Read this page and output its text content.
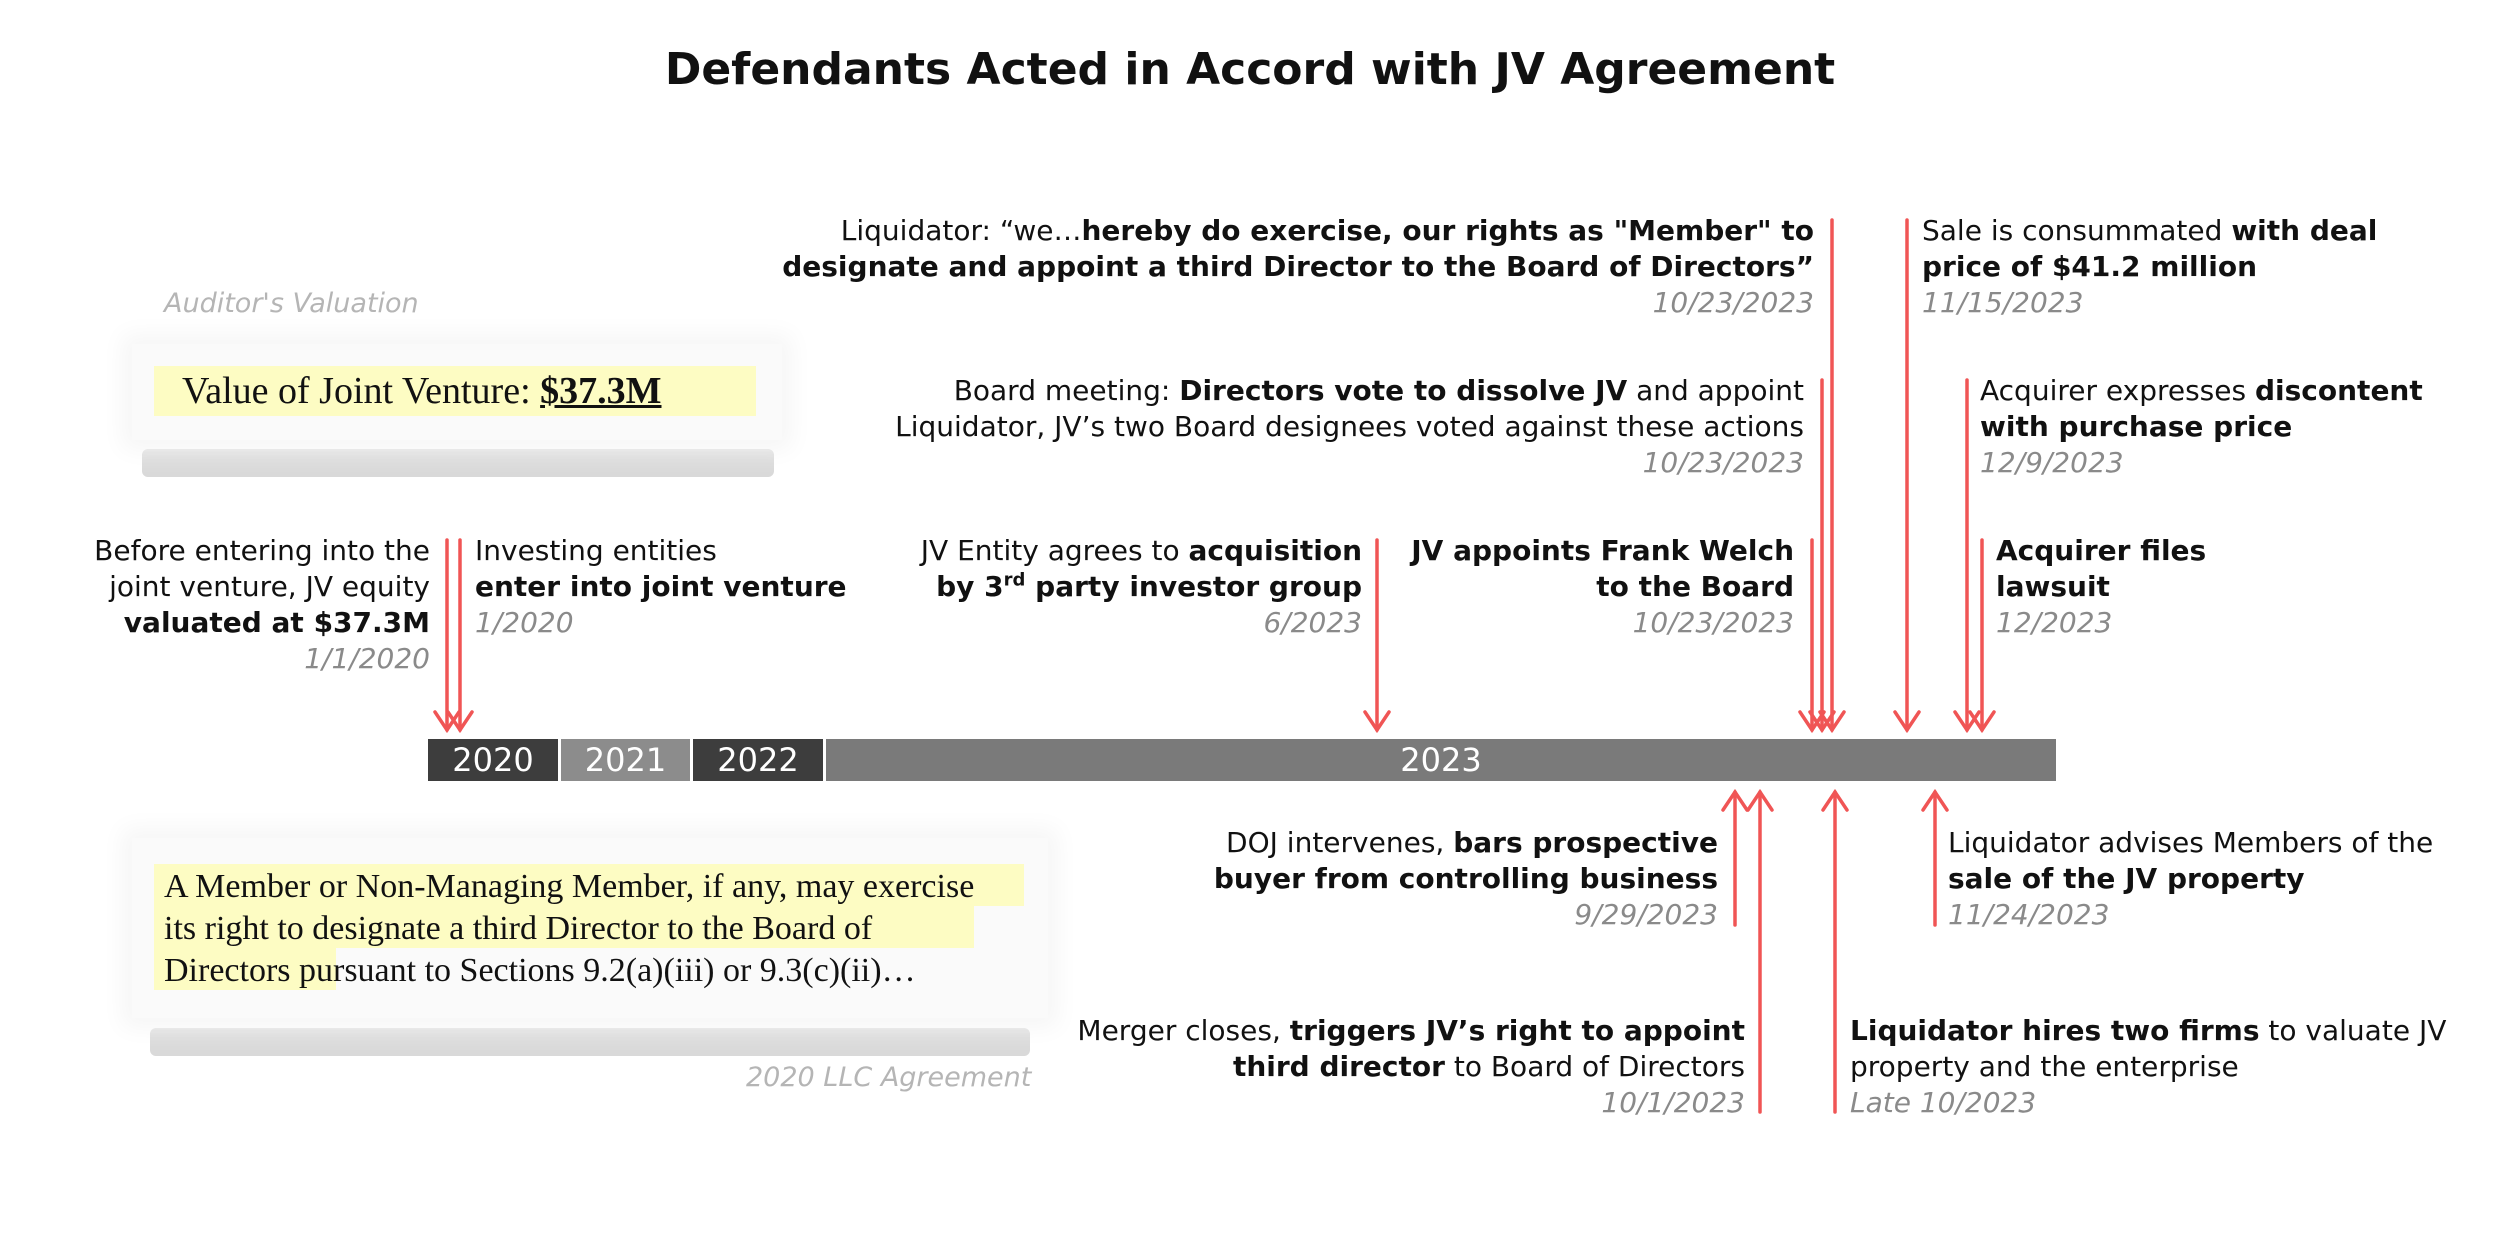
Defendants Acted in Accord with JV Agreement
Auditor's Valuation
Value of Joint Venture: $37.3M
A Member or Non-Managing Member, if any, may exercise
its right to designate a third Director to the Board of
Directors pursuant to Sections 9.2(a)(iii) or 9.3(c)(ii)…
2020 LLC Agreement
2020	2021	2022	2023
Before entering into the
joint venture, JV equity
valuated at $37.3M
1/1/2020
Investing entities
enter into joint venture
1/2020
JV Entity agrees to acquisition
by 3rd party investor group
6/2023
JV appoints Frank Welch
to the Board
10/23/2023
Board meeting: Directors vote to dissolve JV and appoint
Liquidator, JV’s two Board designees voted against these actions
10/23/2023
Liquidator: “we…hereby do exercise, our rights as "Member" to
designate and appoint a third Director to the Board of Directors”
10/23/2023
Sale is consummated with deal
price of $41.2 million
11/15/2023
Acquirer expresses discontent
with purchase price
12/9/2023
Acquirer files
lawsuit
12/2023
DOJ intervenes, bars prospective
buyer from controlling business
9/29/2023
Merger closes, triggers JV’s right to appoint
third director to Board of Directors
10/1/2023
Liquidator hires two firms to valuate JV
property and the enterprise
Late 10/2023
Liquidator advises Members of the
sale of the JV property
11/24/2023
